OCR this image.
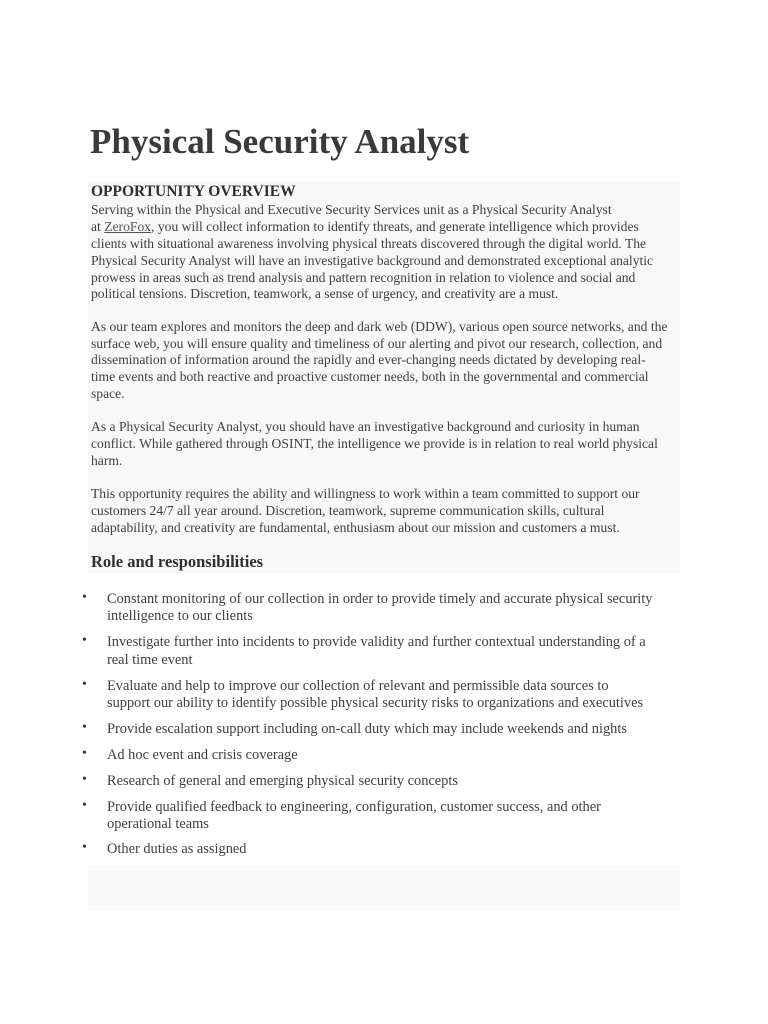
Physical Security Analyst
OPPORTUNITY OVERVIEW

Serving within the Physical and Executive Security Services unit as a Physical Security Analyst

at ZeroFox, you will collect information to identify threats, and generate intelligence which provides

clients with situational awareness involving physical threats discovered through the digital world. The

Physical Security Analyst will have an investigative background and demonstrated exceptional analytic

prowess in areas such as trend analysis and pattern recognition in relation to violence and social and

political tensions. Discretion, teamwork, a sense of urgency, and creativity are a must.

As our team explores and monitors the deep and dark web (DDW), various open source networks, and the

surface web, you will ensure quality and timeliness of our alerting and pivot our research, collection, and

dissemination of information around the rapidly and ever-changing needs dictated by developing real-

time events and both reactive and proactive customer needs, both in the governmental and commercial

space.

As a Physical Security Analyst, you should have an investigative background and curiosity in human

conflict. While gathered through OSINT, the intelligence we provide is in relation to real world physical

harm.

This opportunity requires the ability and willingness to work within a team committed to support our

customers 24/7 all year around. Discretion, teamwork, supreme communication skills, cultural

adaptability, and creativity are fundamental, enthusiasm about our mission and customers a must.

Role and responsibilities
• Constant monitoring of our collection in order to provide timely and accurate physical security

intelligence to our clients

• Investigate further into incidents to provide validity and further contextual understanding of a

real time event

• Evaluate and help to improve our collection of relevant and permissible data sources to

support our ability to identify possible physical security risks to organizations and executives

• Provide escalation support including on-call duty which may include weekends and nights

• Ad hoc event and crisis coverage

• Research of general and emerging physical security concepts

• Provide qualified feedback to engineering, configuration, customer success, and other

operational teams

• Other duties as assigned
